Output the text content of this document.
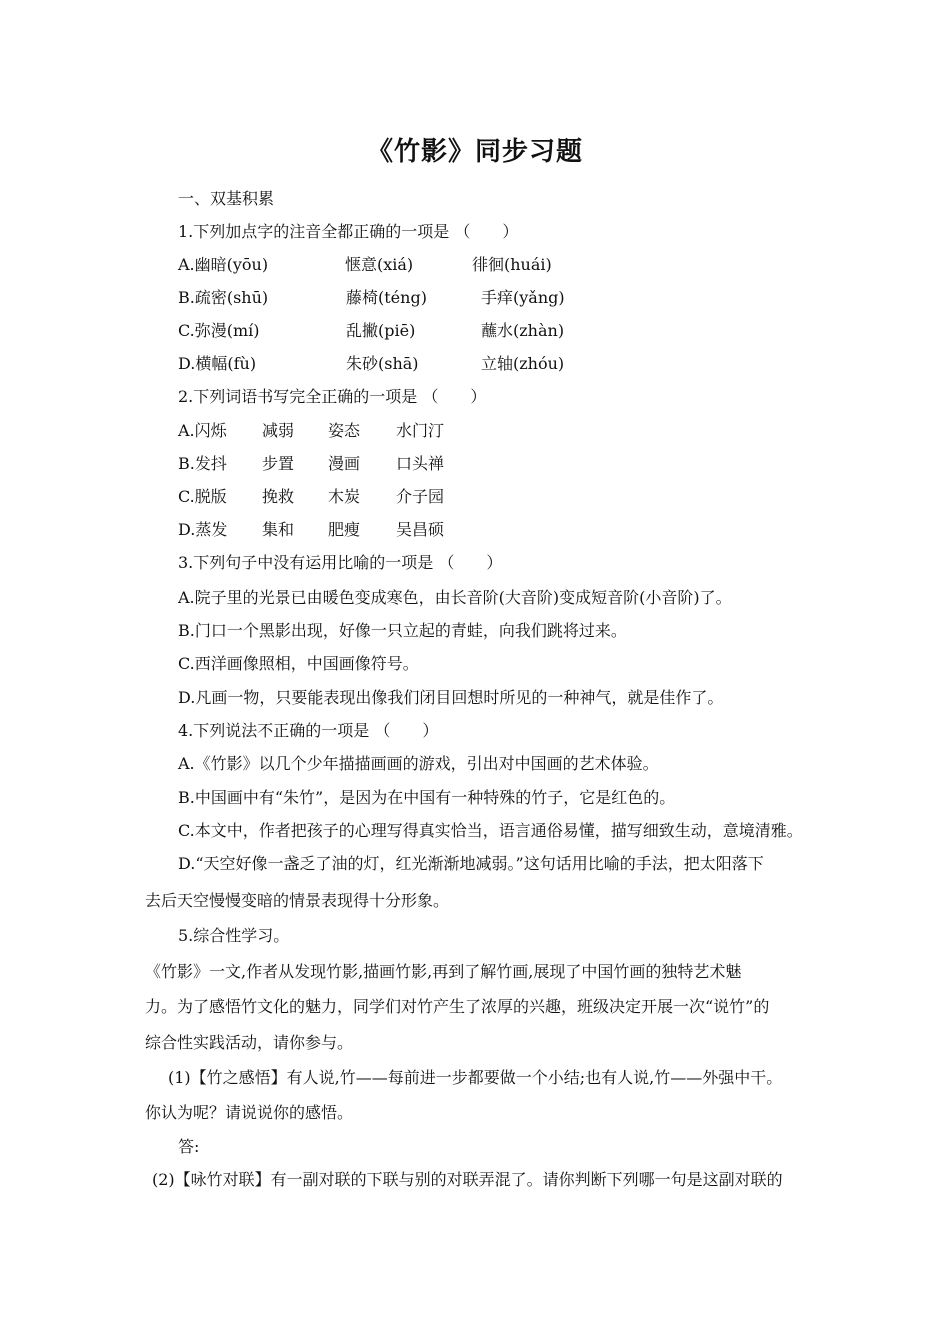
《竹影》同步习题
一、双基积累
1.下列加点字的注音全都正确的一项是 （　　）
A.幽暗(yōu)	惬意(xiá)	徘徊(huái)
B.疏密(shū)	藤椅(téng)	手痒(yǎng)
C.弥漫(mí)	乱撇(piē)	蘸水(zhàn)
D.横幅(fù)	朱砂(shā)	立轴(zhóu)
2.下列词语书写完全正确的一项是 （　　）
A.闪烁 减弱 姿态 水门汀
B.发抖 步置 漫画 口头禅
C.脱版 挽救 木炭 介子园
D.蒸发 集和 肥瘦 吴昌硕
3.下列句子中没有运用比喻的一项是 （　　）
A.院子里的光景已由暖色变成寒色，由长音阶(大音阶)变成短音阶(小音阶)了。
B.门口一个黑影出现，好像一只立起的青蛙，向我们跳将过来。
C.西洋画像照相，中国画像符号。
D.凡画一物，只要能表现出像我们闭目回想时所见的一种神气，就是佳作了。
4.下列说法不正确的一项是 （　　）
A.《竹影》以几个少年描描画画的游戏，引出对中国画的艺术体验。
B.中国画中有“朱竹”，是因为在中国有一种特殊的竹子，它是红色的。
C.本文中，作者把孩子的心理写得真实恰当，语言通俗易懂，描写细致生动，意境清雅。
D.“天空好像一盏乏了油的灯，红光渐渐地减弱。”这句话用比喻的手法，把太阳落下
去后天空慢慢变暗的情景表现得十分形象。
5.综合性学习。
《竹影》一文,作者从发现竹影,描画竹影,再到了解竹画,展现了中国竹画的独特艺术魅
力。为了感悟竹文化的魅力，同学们对竹产生了浓厚的兴趣，班级决定开展一次“说竹”的
综合性实践活动，请你参与。
(1)【竹之感悟】有人说,竹——每前进一步都要做一个小结;也有人说,竹——外强中干。
你认为呢？请说说你的感悟。
答:
(2)【咏竹对联】有一副对联的下联与别的对联弄混了。请你判断下列哪一句是这副对联的
